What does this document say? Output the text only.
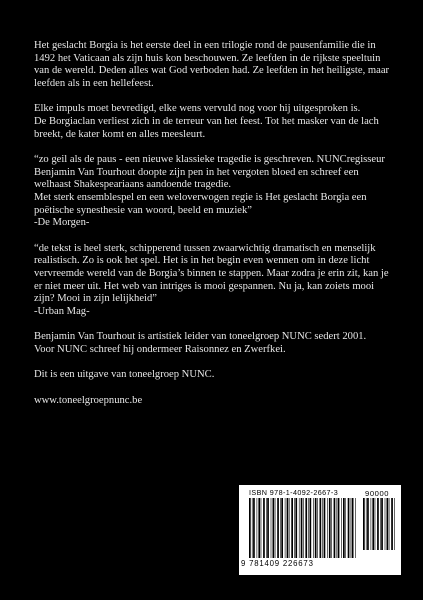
Het geslacht Borgia is het eerste deel in een trilogie rond de pausenfamilie die in 1492 het Vaticaan als zijn huis kon beschouwen. Ze leefden in de rijkste speeltuin van de wereld. Deden alles wat God verboden had. Ze leefden in het heiligste, maar leefden als in een hellefeest.
Elke impuls moet bevredigd, elke wens vervuld nog voor hij uitgesproken is.
De Borgiaclan verliest zich in de terreur van het feest. Tot het masker van de lach breekt, de kater komt en alles meesleurt.
“zo geil als de paus - een nieuwe klassieke tragedie is geschreven. NUNCregisseur Benjamin Van Tourhout doopte zijn pen in het vergoten bloed en schreef een welhaast Shakespeariaans aandoende tragedie.
Met sterk ensemblespel en een weloverwogen regie is Het geslacht Borgia een poëtische synesthesie van woord, beeld en muziek”
-De Morgen-
“de tekst is heel sterk, schipperend tussen zwaarwichtig dramatisch en menselijk realistisch. Zo is ook het spel. Het is in het begin even wennen om in deze licht vervreemde wereld van de Borgia’s binnen te stappen. Maar zodra je erin zit, kan je er niet meer uit. Het web van intriges is mooi gespannen. Nu ja, kan zoiets mooi zijn? Mooi in zijn lelijkheid”
-Urban Mag-
Benjamin Van Tourhout is artistiek leider van toneelgroep NUNC sedert 2001.
Voor NUNC schreef hij ondermeer Raisonnez en Zwerfkei.
Dit is een uitgave van toneelgroep NUNC.
www.toneelgroepnunc.be
ISBN 978-1-4092-2667-3	90000
9 781409 226673
